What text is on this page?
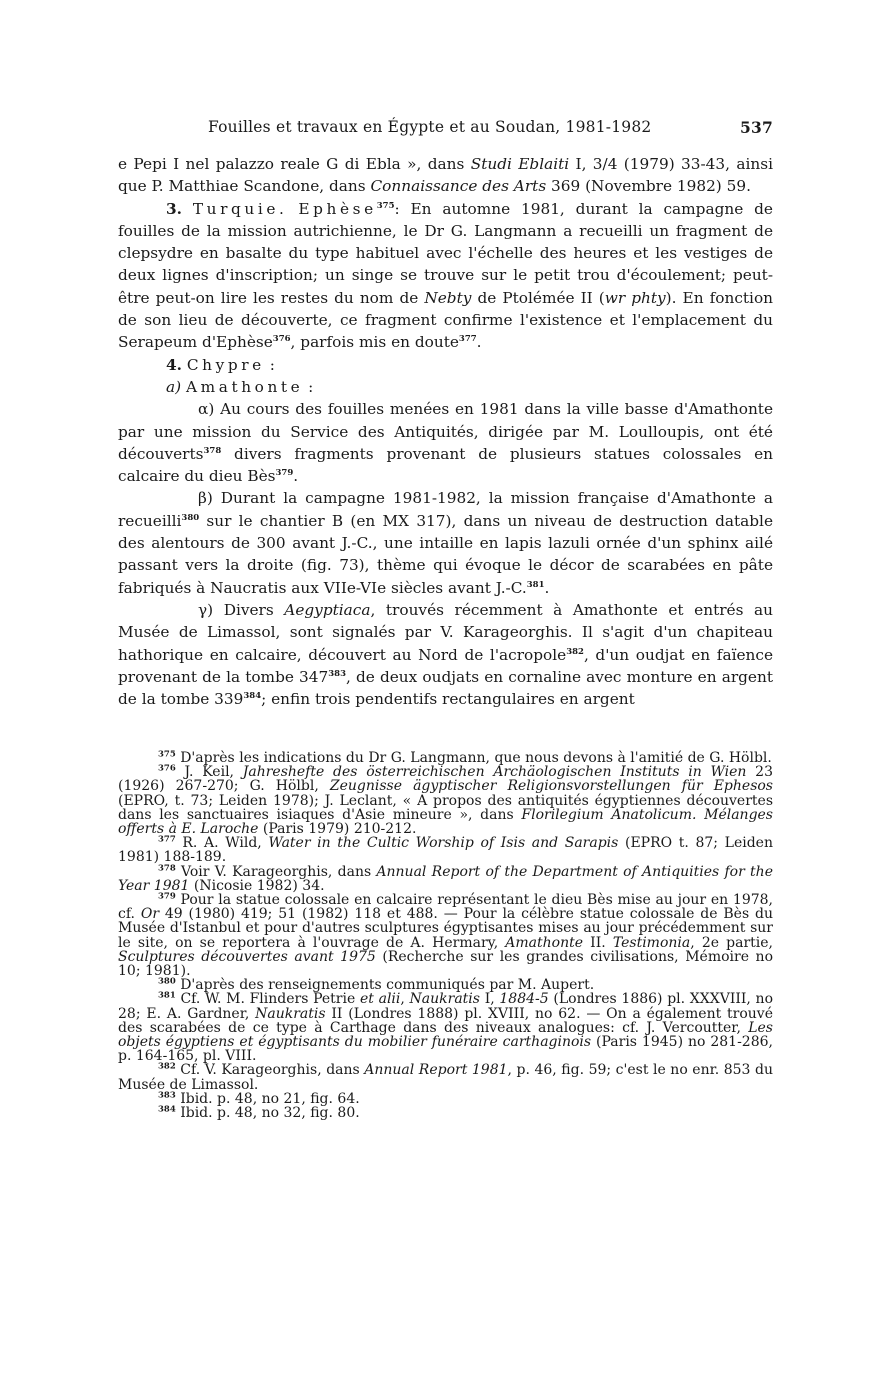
Fouilles et travaux en Égypte et au Soudan, 1981-1982	537

e Pepi I nel palazzo reale G di Ebla », dans Studi Eblaiti I, 3/4 (1979) 33-43, ainsi que P. Matthiae Scandone, dans Connaissance des Arts 369 (Novembre 1982) 59.

3. Turquie. Ephèse$^{375}$: En automne 1981, durant la campagne de fouilles de la mission autrichienne, le Dr G. Langmann a recueilli un fragment de clepsydre en basalte du type habituel avec l'échelle des heures et les vestiges de deux lignes d'inscription; un singe se trouve sur le petit trou d'écoulement; peut-être peut-on lire les restes du nom de Nebty de Ptolémée II (wr phty). En fonction de son lieu de découverte, ce fragment confirme l'existence et l'emplacement du Serapeum d'Ephèse$^{376}$, parfois mis en doute$^{377}$.

4. Chypre :

a) Amathonte :

α) Au cours des fouilles menées en 1981 dans la ville basse d'Amathonte par une mission du Service des Antiquités, dirigée par M. Loulloupis, ont été découverts$^{378}$ divers fragments provenant de plusieurs statues colossales en calcaire du dieu Bès$^{379}$.

β) Durant la campagne 1981-1982, la mission française d'Amathonte a recueilli$^{380}$ sur le chantier B (en MX 317), dans un niveau de destruction datable des alentours de 300 avant J.-C., une intaille en lapis lazuli ornée d'un sphinx ailé passant vers la droite (fig. 73), thème qui évoque le décor de scarabées en pâte fabriqués à Naucratis aux VIIe-VIe siècles avant J.-C.$^{381}$.

γ) Divers Aegyptiaca, trouvés récemment à Amathonte et entrés au Musée de Limassol, sont signalés par V. Karageorghis. Il s'agit d'un chapiteau hathorique en calcaire, découvert au Nord de l'acropole$^{382}$, d'un oudjat en faïence provenant de la tombe $347^{383}$, de deux oudjats en cornaline avec monture en argent de la tombe $339^{384}$; enfin trois pendentifs rectangulaires en argent

$^{375}$ D'après les indications du Dr G. Langmann, que nous devons à l'amitié de G. Hölbl.

$^{376}$ J. Keil, Jahreshefte des österreichischen Archäologischen Instituts in Wien 23 (1926) 267-270; G. Hölbl, Zeugnisse ägyptischer Religionsvorstellungen für Ephesos (EPRO, t. 73; Leiden 1978); J. Leclant, « A propos des antiquités égyptiennes découvertes dans les sanctuaires isiaques d'Asie mineure », dans Florilegium Anatolicum. Mélanges offerts à E. Laroche (Paris 1979) 210-212.

$^{377}$ R. A. Wild, Water in the Cultic Worship of Isis and Sarapis (EPRO t. 87; Leiden 1981) 188-189.

$^{378}$ Voir V. Karageorghis, dans Annual Report of the Department of Antiquities for the Year 1981 (Nicosie 1982) 34.

$^{379}$ Pour la statue colossale en calcaire représentant le dieu Bès mise au jour en 1978, cf. Or 49 (1980) 419; 51 (1982) 118 et 488. — Pour la célèbre statue colossale de Bès du Musée d'Istanbul et pour d'autres sculptures égyptisantes mises au jour précédemment sur le site, on se reportera à l'ouvrage de A. Hermary, Amathonte II. Testimonia, 2e partie, Sculptures découvertes avant 1975 (Recherche sur les grandes civilisations, Mémoire no 10; 1981).

$^{380}$ D'après des renseignements communiqués par M. Aupert.

$^{381}$ Cf. W. M. Flinders Petrie et alii, Naukratis I, 1884-5 (Londres 1886) pl. XXXVIII, no 28; E. A. Gardner, Naukratis II (Londres 1888) pl. XVIII, no 62. — On a également trouvé des scarabées de ce type à Carthage dans des niveaux analogues: cf. J. Vercoutter, Les objets égyptiens et égyptisants du mobilier funéraire carthaginois (Paris 1945) no 281-286, p. 164-165, pl. VIII.

$^{382}$ Cf. V. Karageorghis, dans Annual Report 1981, p. 46, fig. 59; c'est le no enr. 853 du Musée de Limassol.

$^{383}$ Ibid. p. 48, no 21, fig. 64.

$^{384}$ Ibid. p. 48, no 32, fig. 80.
